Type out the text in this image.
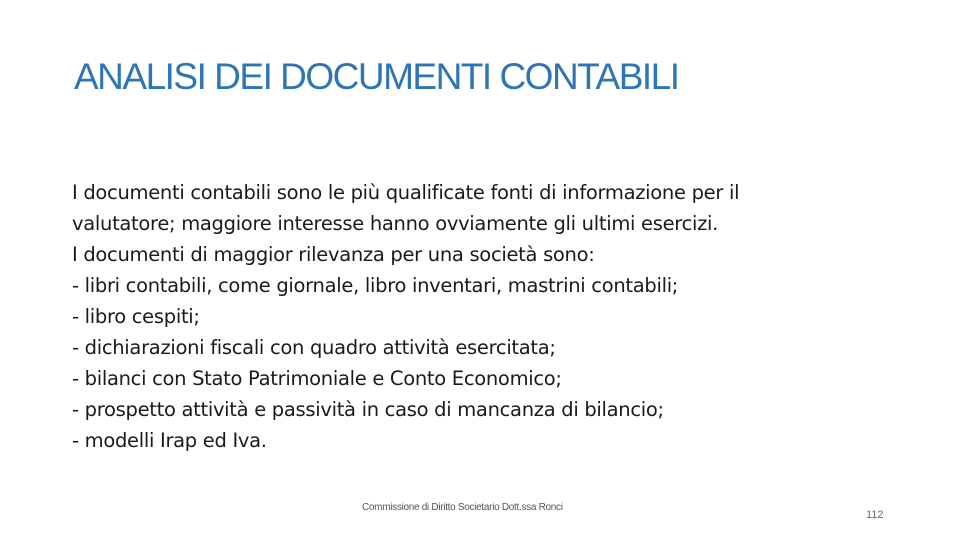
ANALISI DEI DOCUMENTI CONTABILI
I documenti contabili sono le più qualificate fonti di informazione per il
valutatore; maggiore interesse hanno ovviamente gli ultimi esercizi.
I documenti di maggior rilevanza per una società sono:
- libri contabili, come giornale, libro inventari, mastrini contabili;
- libro cespiti;
- dichiarazioni fiscali con quadro attività esercitata;
- bilanci con Stato Patrimoniale e Conto Economico;
- prospetto attività e passività in caso di mancanza di bilancio;
- modelli Irap ed Iva.
Commissione di Diritto Societario Dott.ssa Ronci
112
